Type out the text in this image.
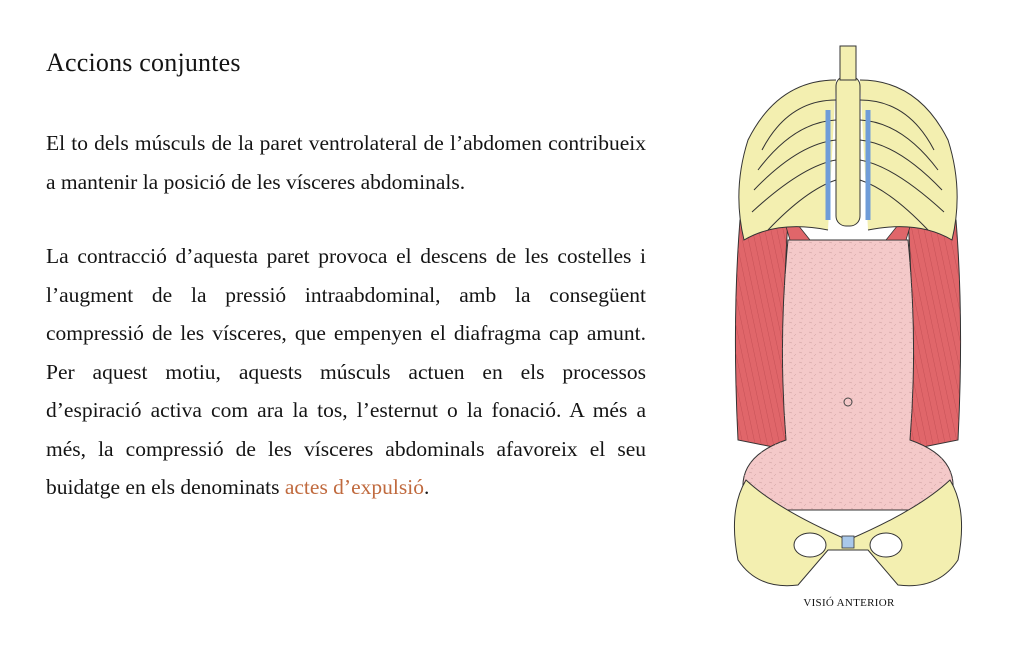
Accions conjuntes

El to dels músculs de la paret ventrolateral de l’abdomen contribueix a mantenir la posició de les vísceres abdominals.

La contracció d’aquesta paret provoca el descens de les costelles i l’augment de la pressió intraabdominal, amb la consegüent compressió de les vísceres, que empenyen el diafragma cap amunt. Per aquest motiu, aquests músculs actuen en els processos d’espiració activa com ara la tos, l’esternut o la fonació. A més a més, la compressió de les vísceres abdominals afavoreix el seu buidatge en els denominats actes d’expulsió.

VISIÓ ANTERIOR
